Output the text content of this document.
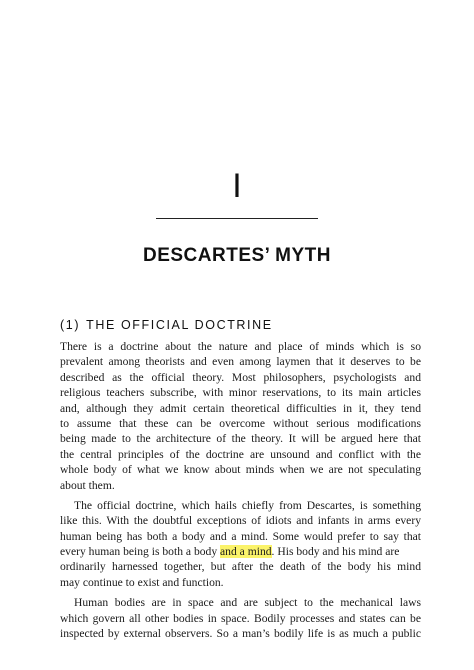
I
DESCARTES’ MYTH
(1) THE OFFICIAL DOCTRINE
There is a doctrine about the nature and place of minds which is so
prevalent among theorists and even among laymen that it deserves to be
described as the official theory. Most philosophers, psychologists and
religious teachers subscribe, with minor reservations, to its main articles
and, although they admit certain theoretical difficulties in it, they tend
to assume that these can be overcome without serious modifications
being made to the architecture of the theory. It will be argued here that
the central principles of the doctrine are unsound and conflict with the
whole body of what we know about minds when we are not speculating
about them.
The official doctrine, which hails chiefly from Descartes, is something
like this. With the doubtful exceptions of idiots and infants in arms every
human being has both a body and a mind. Some would prefer to say that
every human being is both a body and a mind. His body and his mind are
ordinarily harnessed together, but after the death of the body his mind
may continue to exist and function.
Human bodies are in space and are subject to the mechanical laws
which govern all other bodies in space. Bodily processes and states can be
inspected by external observers. So a man’s bodily life is as much a public
